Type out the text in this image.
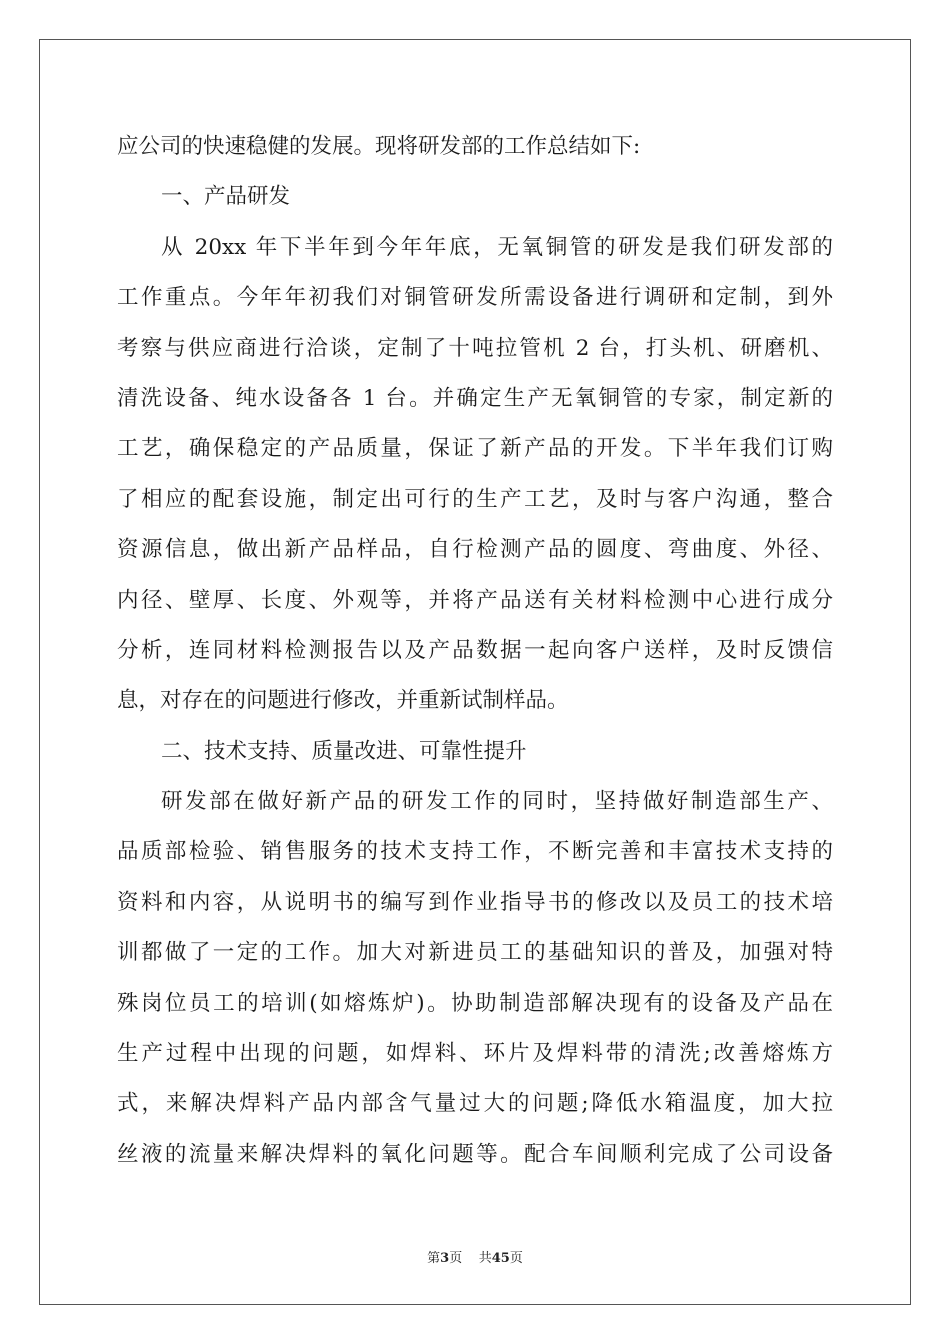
应公司的快速稳健的发展。现将研发部的工作总结如下:
一、产品研发
从 20xx 年下半年到今年年底，无氧铜管的研发是我们研发部的
工作重点。今年年初我们对铜管研发所需设备进行调研和定制，到外
考察与供应商进行洽谈，定制了十吨拉管机 2 台，打头机、研磨机、
清洗设备、纯水设备各 1 台。并确定生产无氧铜管的专家，制定新的
工艺，确保稳定的产品质量，保证了新产品的开发。下半年我们订购
了相应的配套设施，制定出可行的生产工艺，及时与客户沟通，整合
资源信息，做出新产品样品，自行检测产品的圆度、弯曲度、外径、
内径、壁厚、长度、外观等，并将产品送有关材料检测中心进行成分
分析，连同材料检测报告以及产品数据一起向客户送样，及时反馈信
息，对存在的问题进行修改，并重新试制样品。
二、技术支持、质量改进、可靠性提升
研发部在做好新产品的研发工作的同时，坚持做好制造部生产、
品质部检验、销售服务的技术支持工作，不断完善和丰富技术支持的
资料和内容，从说明书的编写到作业指导书的修改以及员工的技术培
训都做了一定的工作。加大对新进员工的基础知识的普及，加强对特
殊岗位员工的培训(如熔炼炉)。协助制造部解决现有的设备及产品在
生产过程中出现的问题，如焊料、环片及焊料带的清洗;改善熔炼方
式，来解决焊料产品内部含气量过大的问题;降低水箱温度，加大拉
丝液的流量来解决焊料的氧化问题等。配合车间顺利完成了公司设备
第3页 共45页
